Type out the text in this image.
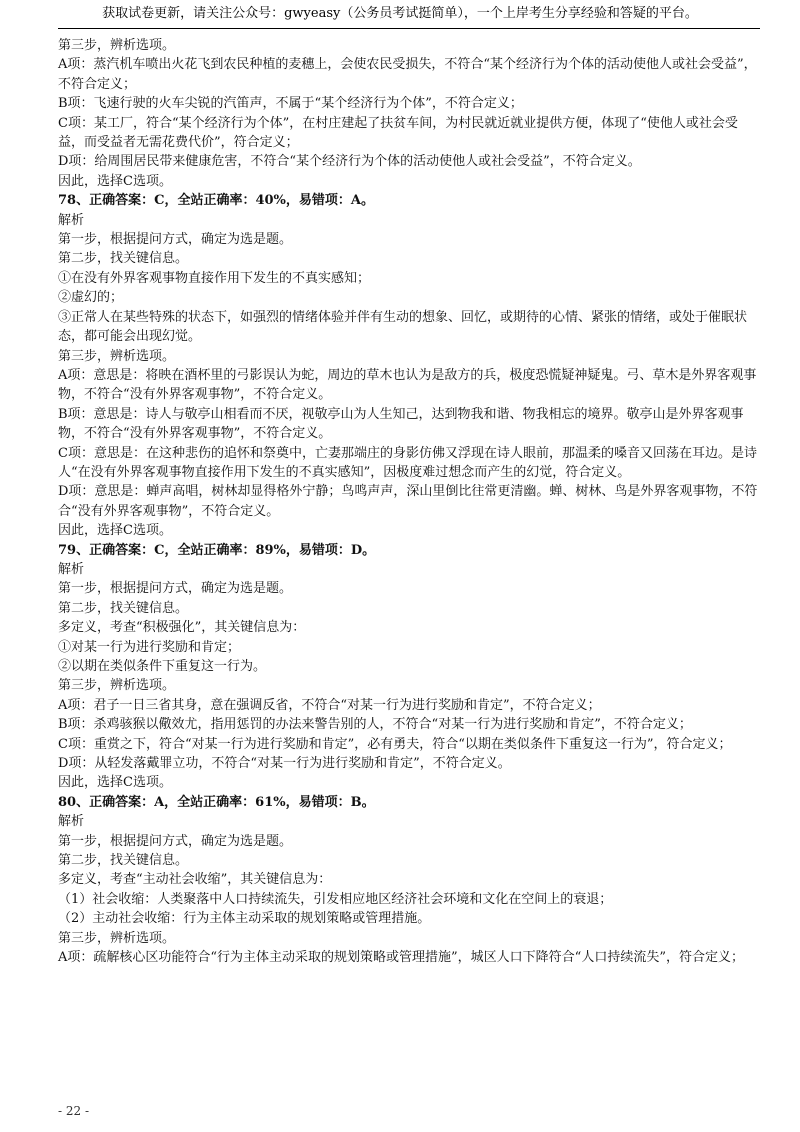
获取试卷更新，请关注公众号：gwyeasy（公务员考试挺简单），一个上岸考生分享经验和答疑的平台。

第三步，辨析选项。

A项：蒸汽机车喷出火花飞到农民种植的麦穗上，会使农民受损失，不符合“某个经济行为个体的活动使他人或社会受益”，不符合定义；

B项：飞速行驶的火车尖锐的汽笛声，不属于“某个经济行为个体”，不符合定义；

C项：某工厂，符合“某个经济行为个体”，在村庄建起了扶贫车间，为村民就近就业提供方便，体现了“使他人或社会受益，而受益者无需花费代价”，符合定义；

D项：给周围居民带来健康危害，不符合“某个经济行为个体的活动使他人或社会受益”，不符合定义。

因此，选择C选项。

78、正确答案：C，全站正确率：40%，易错项：A。

解析

第一步，根据提问方式，确定为选是题。

第二步，找关键信息。

①在没有外界客观事物直接作用下发生的不真实感知；

②虚幻的；

③正常人在某些特殊的状态下，如强烈的情绪体验并伴有生动的想象、回忆，或期待的心情、紧张的情绪，或处于催眠状态，都可能会出现幻觉。

第三步，辨析选项。

A项：意思是：将映在酒杯里的弓影误认为蛇，周边的草木也认为是敌方的兵，极度恐慌疑神疑鬼。弓、草木是外界客观事物，不符合“没有外界客观事物”，不符合定义。

B项：意思是：诗人与敬亭山相看而不厌，视敬亭山为人生知己，达到物我和谐、物我相忘的境界。敬亭山是外界客观事物，不符合“没有外界客观事物”，不符合定义。

C项：意思是：在这种悲伤的追怀和祭奠中，亡妻那端庄的身影仿佛又浮现在诗人眼前，那温柔的嗓音又回荡在耳边。是诗人“在没有外界客观事物直接作用下发生的不真实感知”，因极度难过想念而产生的幻觉，符合定义。

D项：意思是：蝉声高唱，树林却显得格外宁静；鸟鸣声声，深山里倒比往常更清幽。蝉、树林、鸟是外界客观事物，不符合“没有外界客观事物”，不符合定义。

因此，选择C选项。

79、正确答案：C，全站正确率：89%，易错项：D。

解析

第一步，根据提问方式，确定为选是题。

第二步，找关键信息。

多定义，考查“积极强化”，其关键信息为：

①对某一行为进行奖励和肯定；

②以期在类似条件下重复这一行为。

第三步，辨析选项。

A项：君子一日三省其身，意在强调反省，不符合“对某一行为进行奖励和肯定”，不符合定义；

B项：杀鸡骇猴以儆效尤，指用惩罚的办法来警告别的人，不符合“对某一行为进行奖励和肯定”，不符合定义；

C项：重赏之下，符合“对某一行为进行奖励和肯定”，必有勇夫，符合“以期在类似条件下重复这一行为”，符合定义；

D项：从轻发落戴罪立功，不符合“对某一行为进行奖励和肯定”，不符合定义。

因此，选择C选项。

80、正确答案：A，全站正确率：61%，易错项：B。

解析

第一步，根据提问方式，确定为选是题。

第二步，找关键信息。

多定义，考查“主动社会收缩”，其关键信息为：

（1）社会收缩：人类聚落中人口持续流失，引发相应地区经济社会环境和文化在空间上的衰退；

（2）主动社会收缩：行为主体主动采取的规划策略或管理措施。

第三步，辨析选项。

A项：疏解核心区功能符合“行为主体主动采取的规划策略或管理措施”，城区人口下降符合“人口持续流失”，符合定义；

- 22 -
